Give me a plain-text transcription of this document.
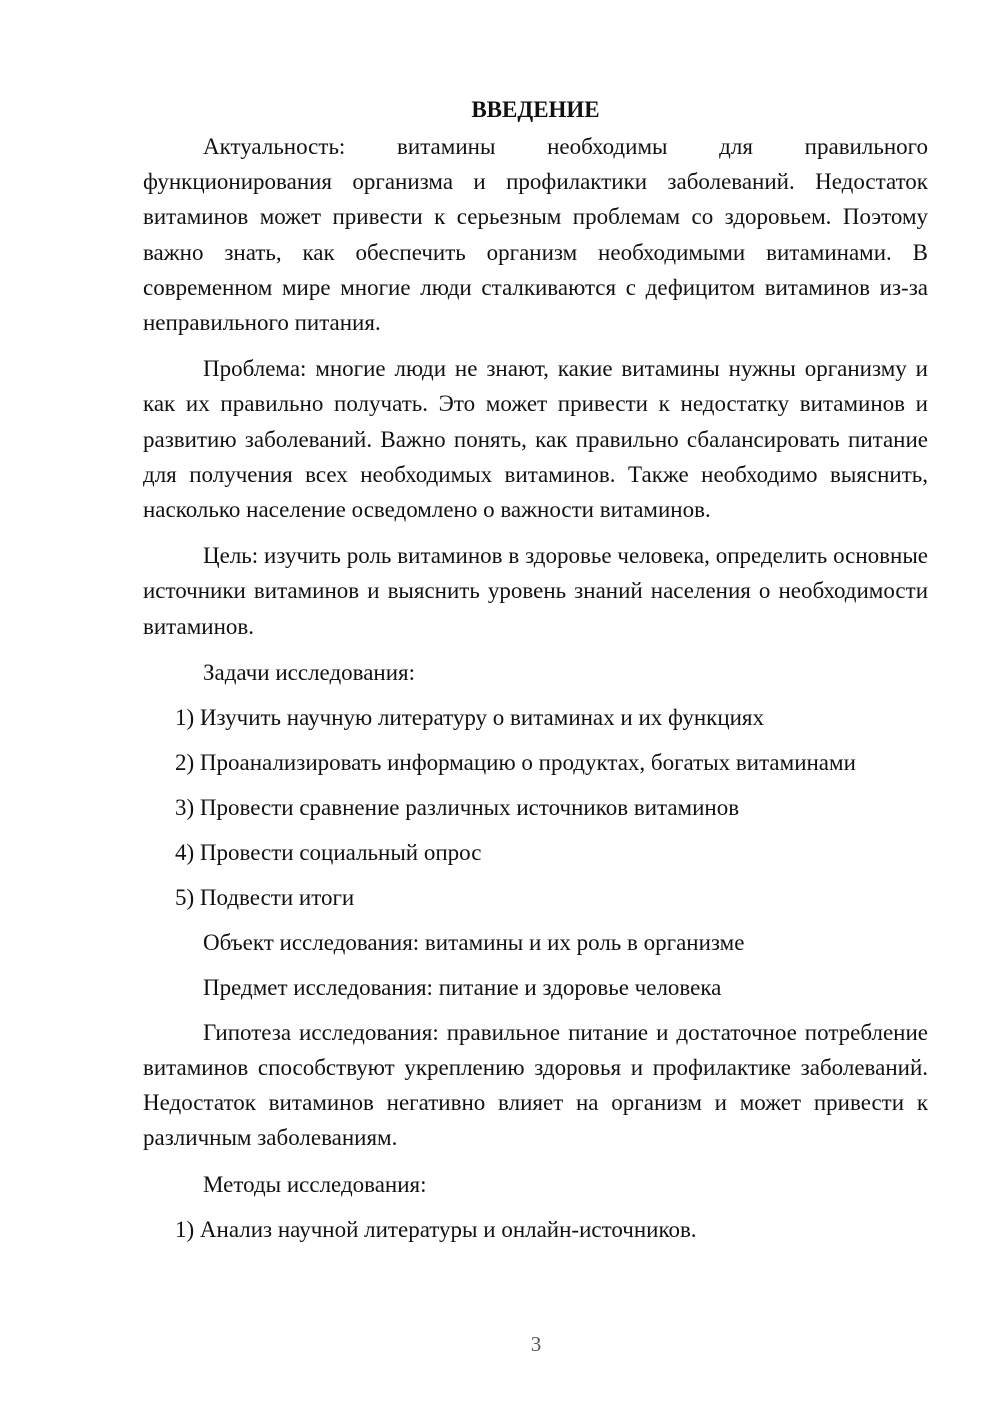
ВВЕДЕНИЕ

Актуальность: витамины необходимы для правильного функционирования организма и профилактики заболеваний. Недостаток витаминов может привести к серьезным проблемам со здоровьем. Поэтому важно знать, как обеспечить организм необходимыми витаминами. В современном мире многие люди сталкиваются с дефицитом витаминов из-за неправильного питания.

Проблема: многие люди не знают, какие витамины нужны организму и как их правильно получать. Это может привести к недостатку витаминов и развитию заболеваний. Важно понять, как правильно сбалансировать питание для получения всех необходимых витаминов. Также необходимо выяснить, насколько население осведомлено о важности витаминов.

Цель: изучить роль витаминов в здоровье человека, определить основные источники витаминов и выяснить уровень знаний населения о необходимости витаминов.

Задачи исследования:
1) Изучить научную литературу о витаминах и их функциях
2) Проанализировать информацию о продуктах, богатых витаминами
3) Провести сравнение различных источников витаминов
4) Провести социальный опрос
5) Подвести итоги
Объект исследования: витамины и их роль в организме
Предмет исследования: питание и здоровье человека

Гипотеза исследования: правильное питание и достаточное потребление витаминов способствуют укреплению здоровья и профилактике заболеваний. Недостаток витаминов негативно влияет на организм и может привести к различным заболеваниям.

Методы исследования:
1) Анализ научной литературы и онлайн-источников.
3
